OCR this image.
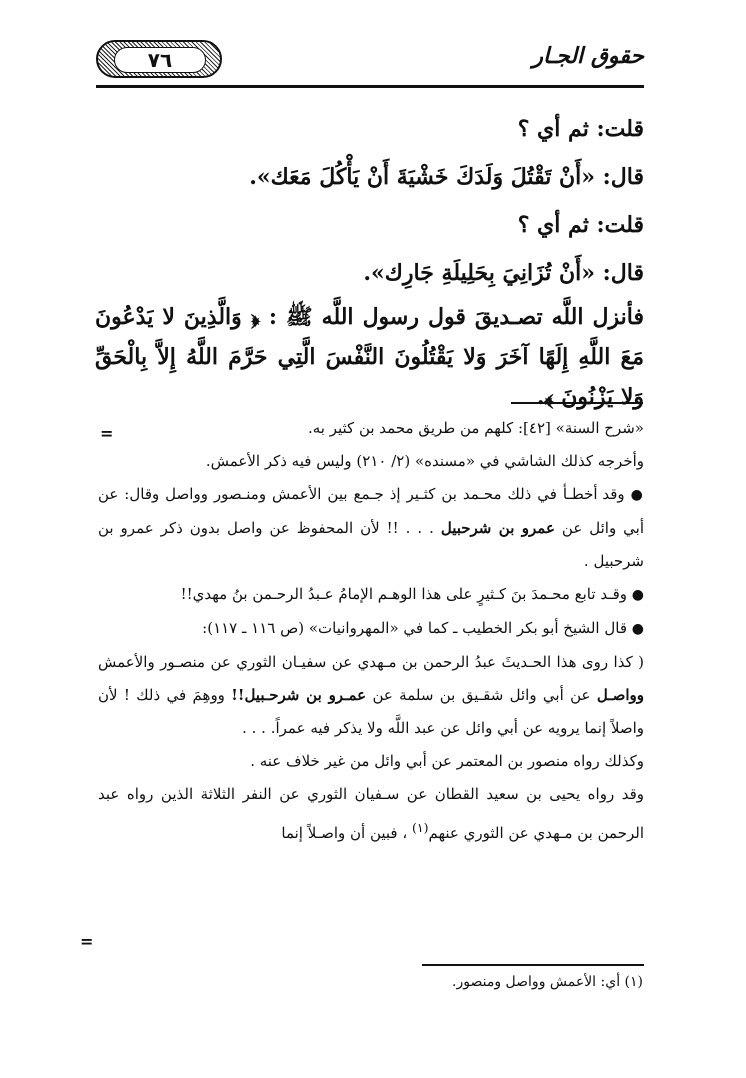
٧٦	حقوق الجـار

قلت: ثم أي ؟

قال: «أَنْ تَقْتُلَ وَلَدَكَ خَشْيَةَ أَنْ يَأْكُلَ مَعَك».

قلت: ثم أي ؟

قال: «أَنْ تُزَانِيَ بِحَلِيلَةِ جَارِك».

فأنزل اللَّه تصـديقَ قول رسول اللَّه ﷺ : ﴿ وَالَّذِينَ لا يَدْعُونَ مَعَ اللَّهِ إِلَهًا آخَرَ وَلا يَقْتُلُونَ النَّفْسَ الَّتِي حَرَّمَ اللَّهُ إِلاَّ بِالْحَقِّ وَلا يَزْنُونَ ﴾.

=
=

«شرح السنة» [٤٢]: كلهم من طريق محمد بن كثير به.

وأخرجه كذلك الشاشي في «مسنده» (٢/ ٢١٠) وليس فيه ذكر الأعمش.

● وقد أخطـأ في ذلك محـمد بن كثـير إذ جـمع بين الأعمش ومنـصور وواصل وقال: عن أبي وائل عن عمرو بن شرحبيل . . . !! لأن المحفوظ عن واصل بدون ذكر عمرو بن شرحبيل .

● وقـد تابع محـمدَ بنَ كـثيرٍ على هذا الوهـم الإمامُ عـبدُ الرحـمن بنُ مهدي!!

● قال الشيخ أبو بكر الخطيب ـ كما في «المهروانيات» (ص ١١٦ ـ ١١٧):

( كذا روى هذا الحـديثَ عبدُ الرحمن بن مـهدي عن سفيـان الثوري عن منصـور والأعمش وواصـل عن أبي وائل شقـيق بن سلمة عن عمـرو بن شرحـبيل!! ووهِمَ في ذلك ! لأن واصلاً إنما يرويه عن أبي وائل عن عبد اللَّه ولا يذكر فيه عمراً. . . .

وكذلك رواه منصور بن المعتمر عن أبي وائل من غير خلاف عنه .

وقد رواه يحيى بن سعيد القطان عن سـفيان الثوري عن النفر الثلاثة الذين رواه عبد الرحمن بن مـهدي عن الثوري عنهم$^{(١)}$ ، فبين أن واصـلاً إنما

(١) أي: الأعمش وواصل ومنصور.
